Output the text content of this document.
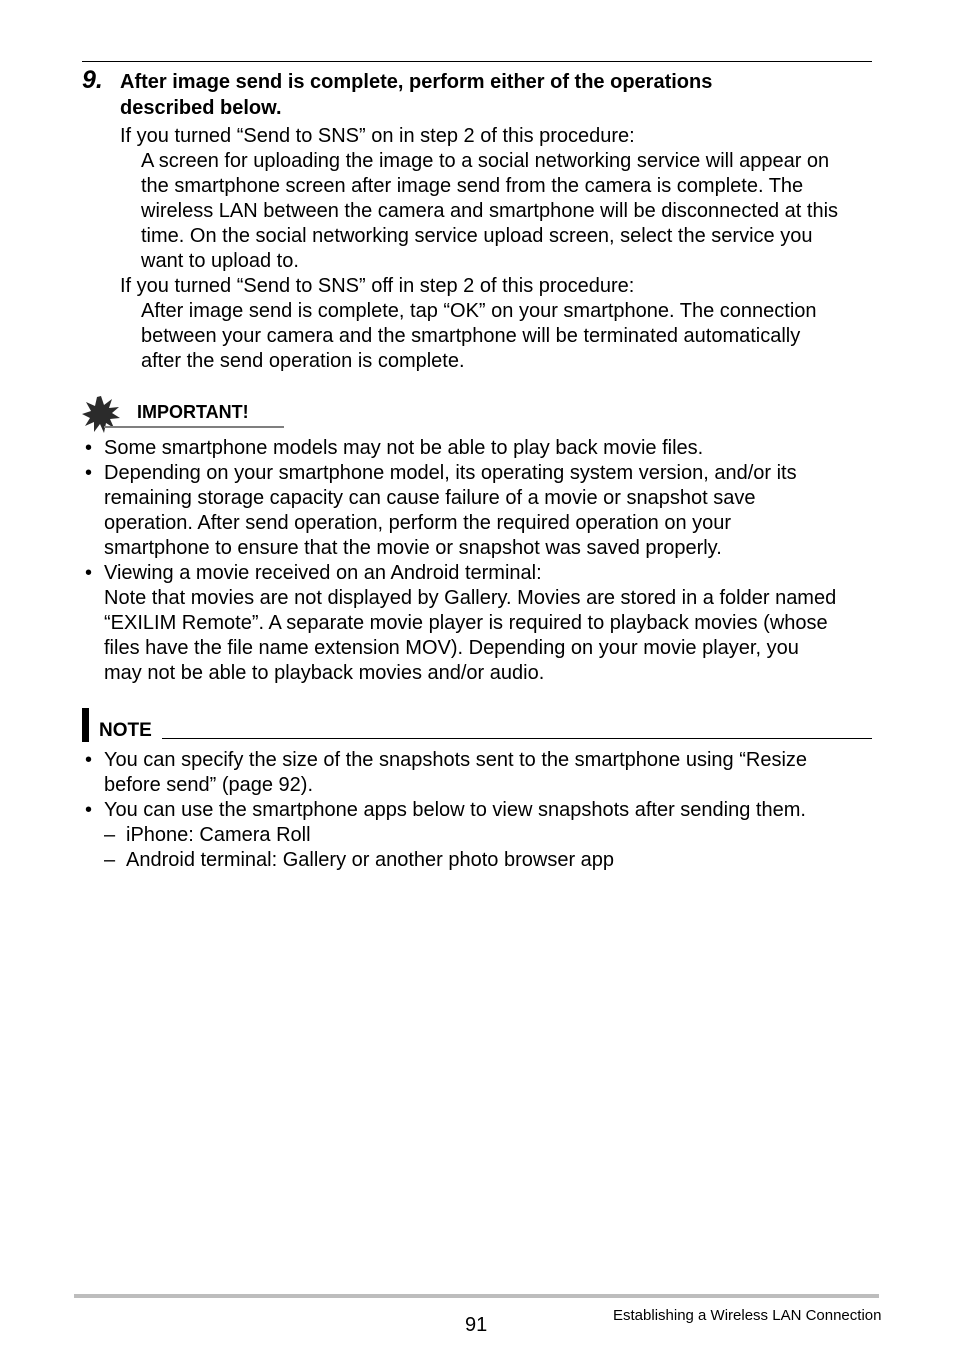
9. After image send is complete, perform either of the operations
described below.
If you turned “Send to SNS” on in step 2 of this procedure:
A screen for uploading the image to a social networking service will appear on
the smartphone screen after image send from the camera is complete. The
wireless LAN between the camera and smartphone will be disconnected at this
time. On the social networking service upload screen, select the service you
want to upload to.
If you turned “Send to SNS” off in step 2 of this procedure:
After image send is complete, tap “OK” on your smartphone. The connection
between your camera and the smartphone will be terminated automatically
after the send operation is complete.
IMPORTANT!
• Some smartphone models may not be able to play back movie files.
• Depending on your smartphone model, its operating system version, and/or its
remaining storage capacity can cause failure of a movie or snapshot save
operation. After send operation, perform the required operation on your
smartphone to ensure that the movie or snapshot was saved properly.
• Viewing a movie received on an Android terminal:
Note that movies are not displayed by Gallery. Movies are stored in a folder named
“EXILIM Remote”. A separate movie player is required to playback movies (whose
files have the file name extension MOV). Depending on your movie player, you
may not be able to playback movies and/or audio.
NOTE
• You can specify the size of the snapshots sent to the smartphone using “Resize
before send” (page 92).
• You can use the smartphone apps below to view snapshots after sending them.
– iPhone: Camera Roll
– Android terminal: Gallery or another photo browser app
91	Establishing a Wireless LAN Connection
